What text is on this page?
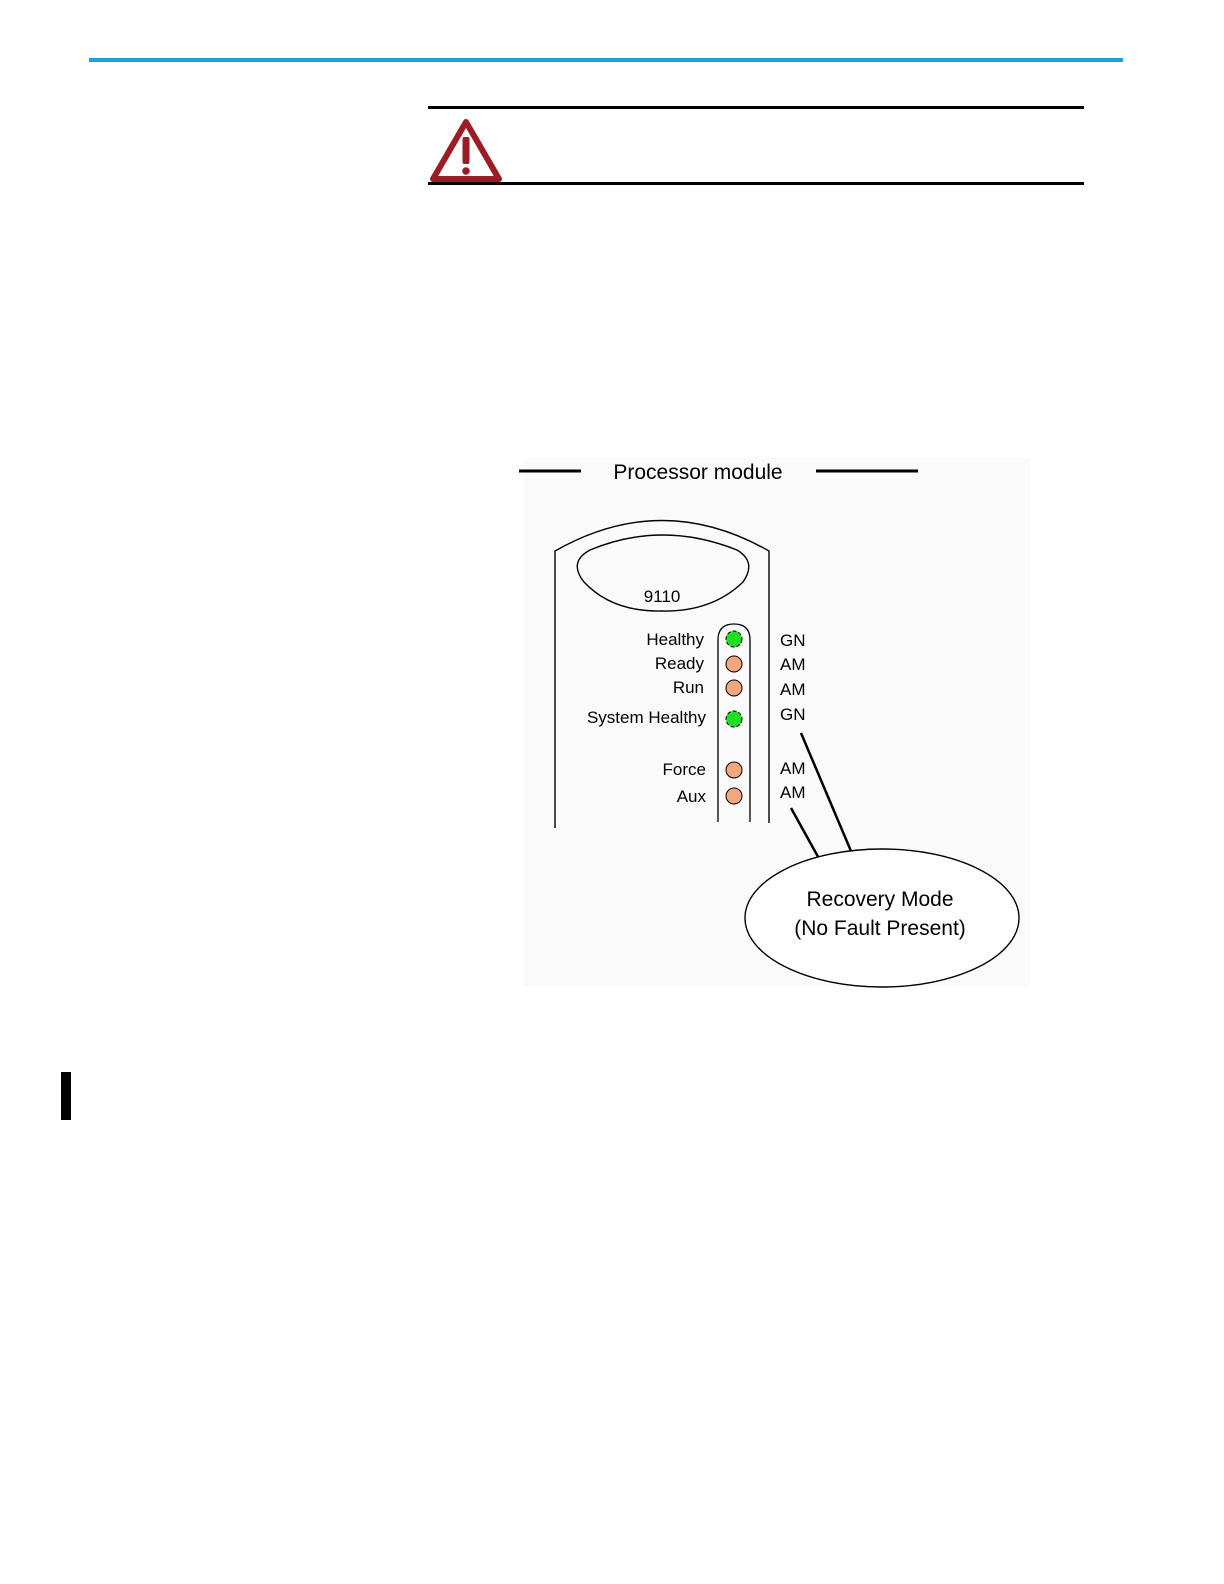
Processor module
9110
Healthy
Ready
Run
System Healthy
Force
Aux
GN
AM
AM
GN
AM
AM
Recovery Mode
(No Fault Present)
